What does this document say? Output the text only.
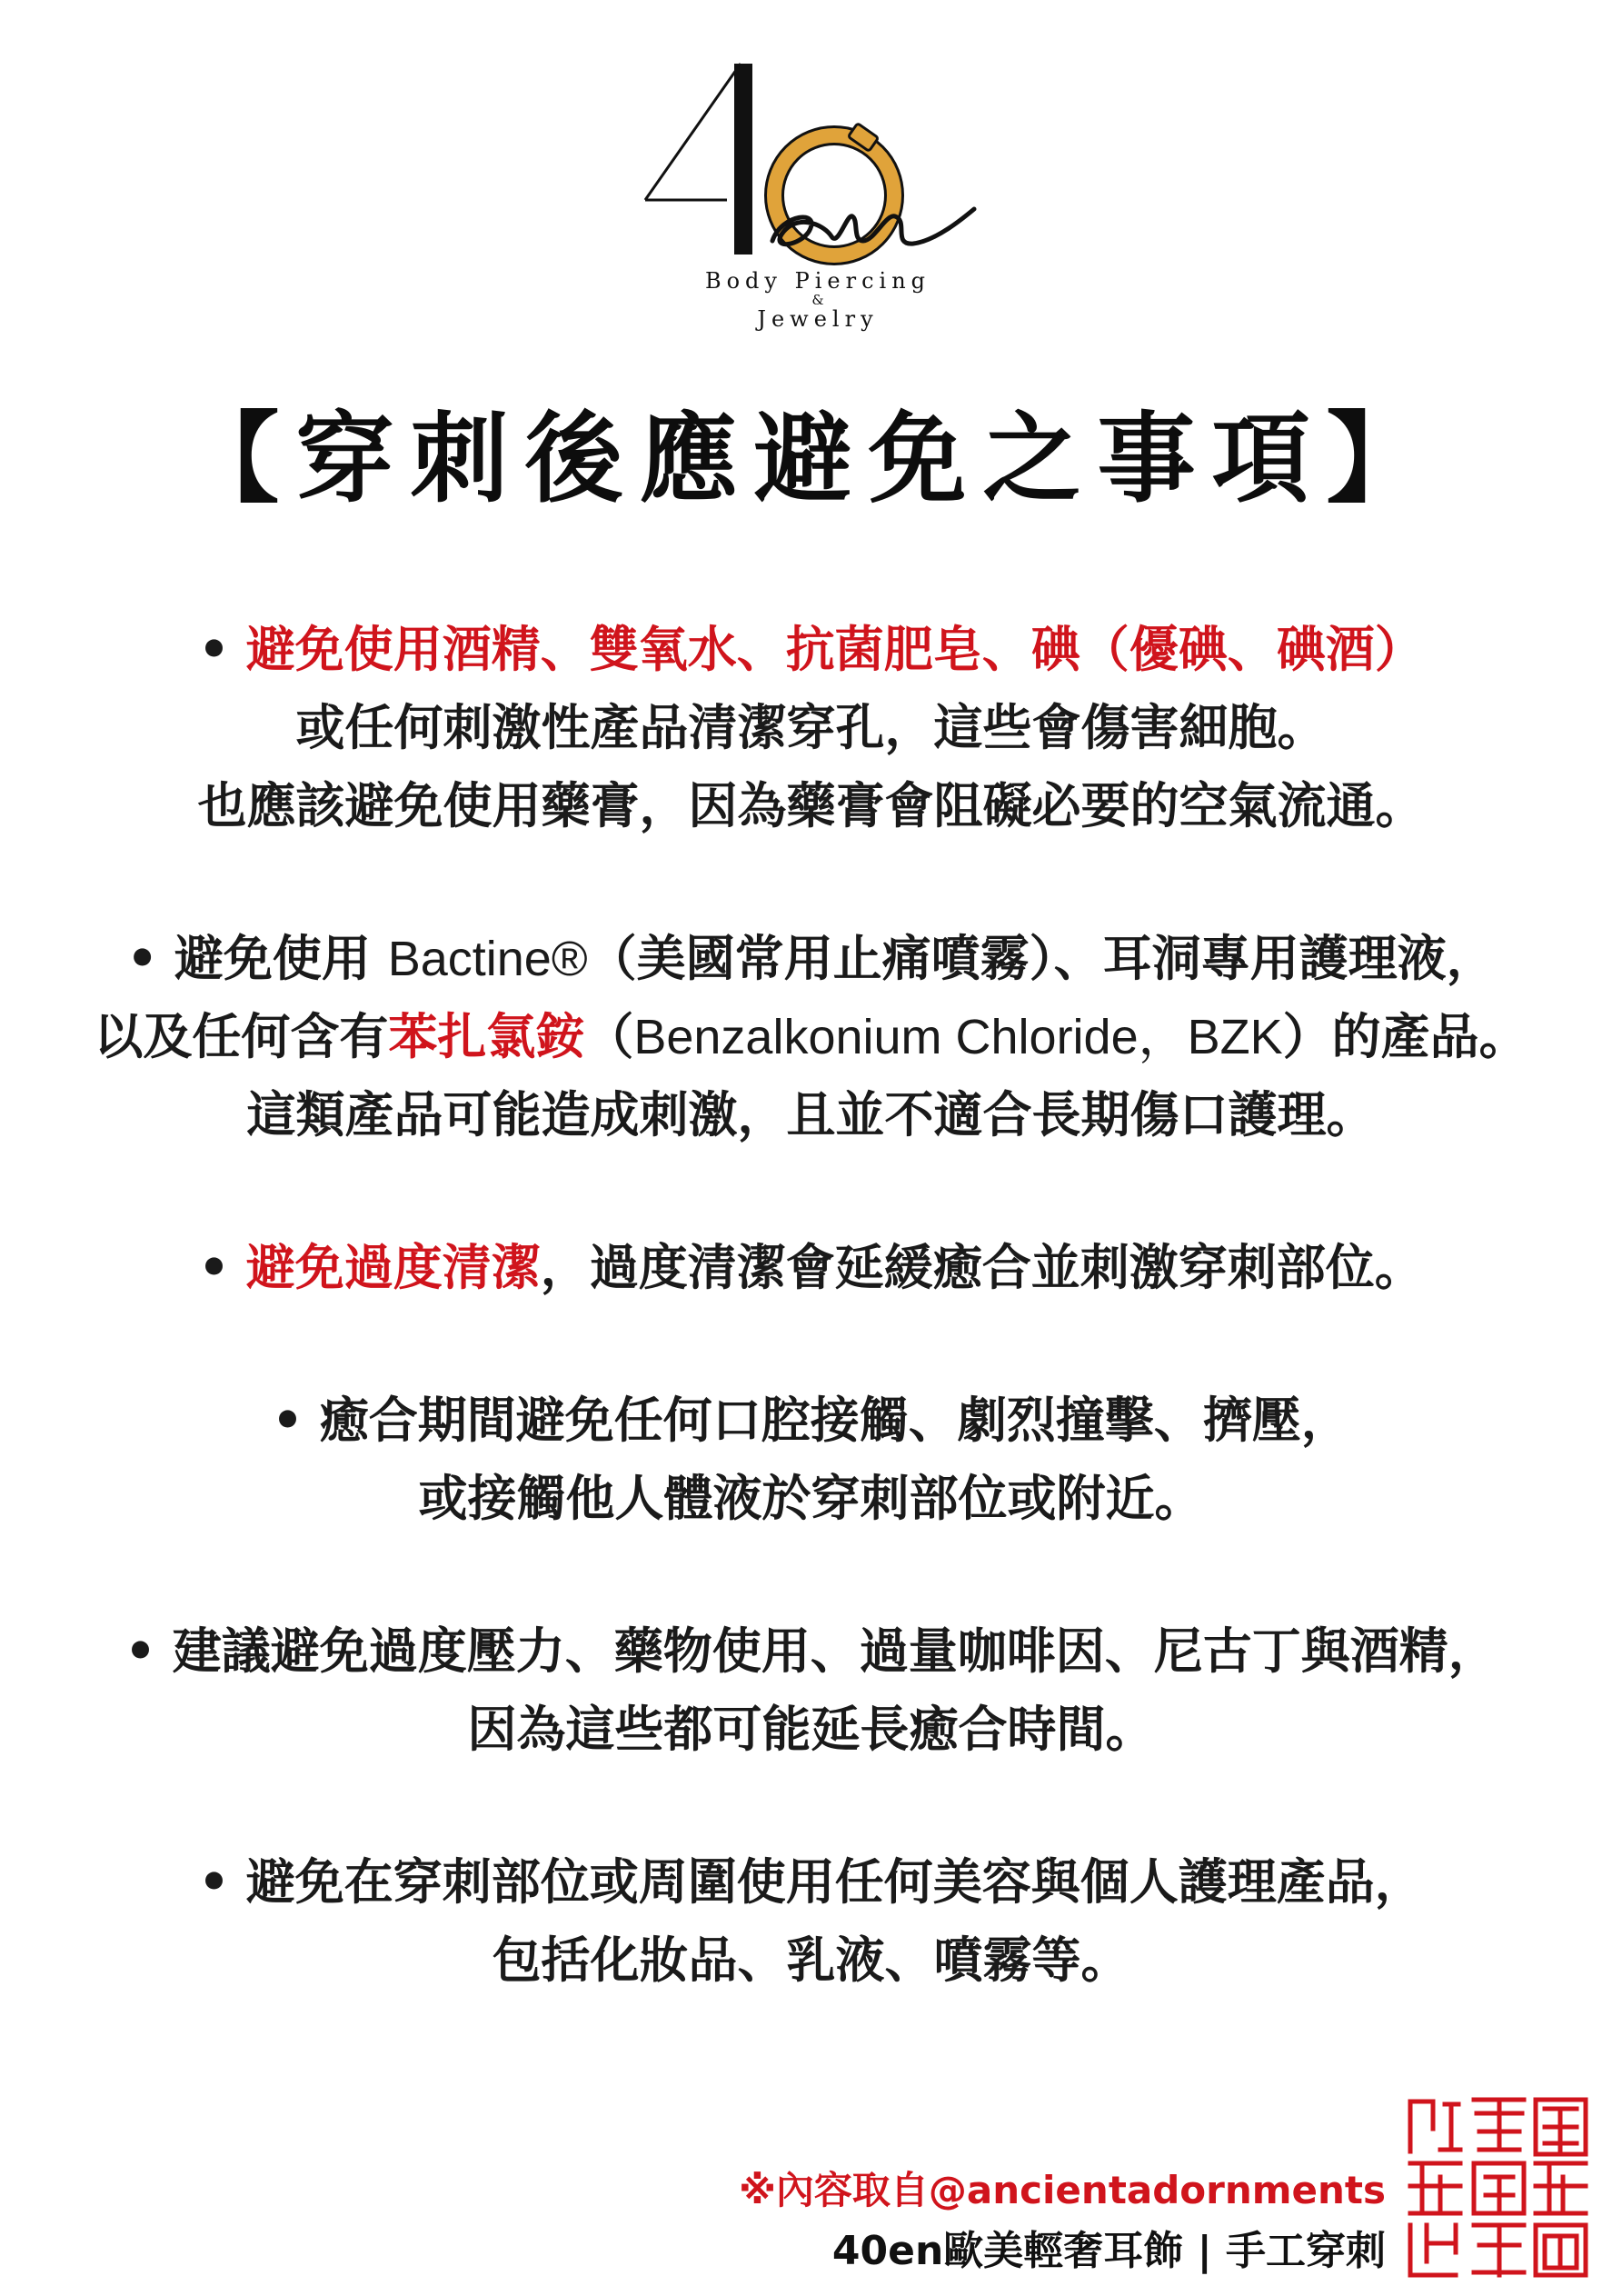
Body Piercing
&
Jewelry
【穿刺後應避免之事項】
• 避免使用酒精、雙氧水、抗菌肥皂、碘（優碘、碘酒）
或任何刺激性產品清潔穿孔，這些會傷害細胞。
也應該避免使用藥膏，因為藥膏會阻礙必要的空氣流通。
• 避免使用 Bactine®（美國常用止痛噴霧）、耳洞專用護理液，
以及任何含有苯扎氯銨（Benzalkonium Chloride，BZK）的產品。
這類產品可能造成刺激，且並不適合長期傷口護理。
• 避免過度清潔，過度清潔會延緩癒合並刺激穿刺部位。
• 癒合期間避免任何口腔接觸、劇烈撞擊、擠壓，
或接觸他人體液於穿刺部位或附近。
• 建議避免過度壓力、藥物使用、過量咖啡因、尼古丁與酒精，
因為這些都可能延長癒合時間。
• 避免在穿刺部位或周圍使用任何美容與個人護理產品，
包括化妝品、乳液、噴霧等。
※內容取自@ancientadornments
40en歐美輕奢耳飾 | 手工穿刺
